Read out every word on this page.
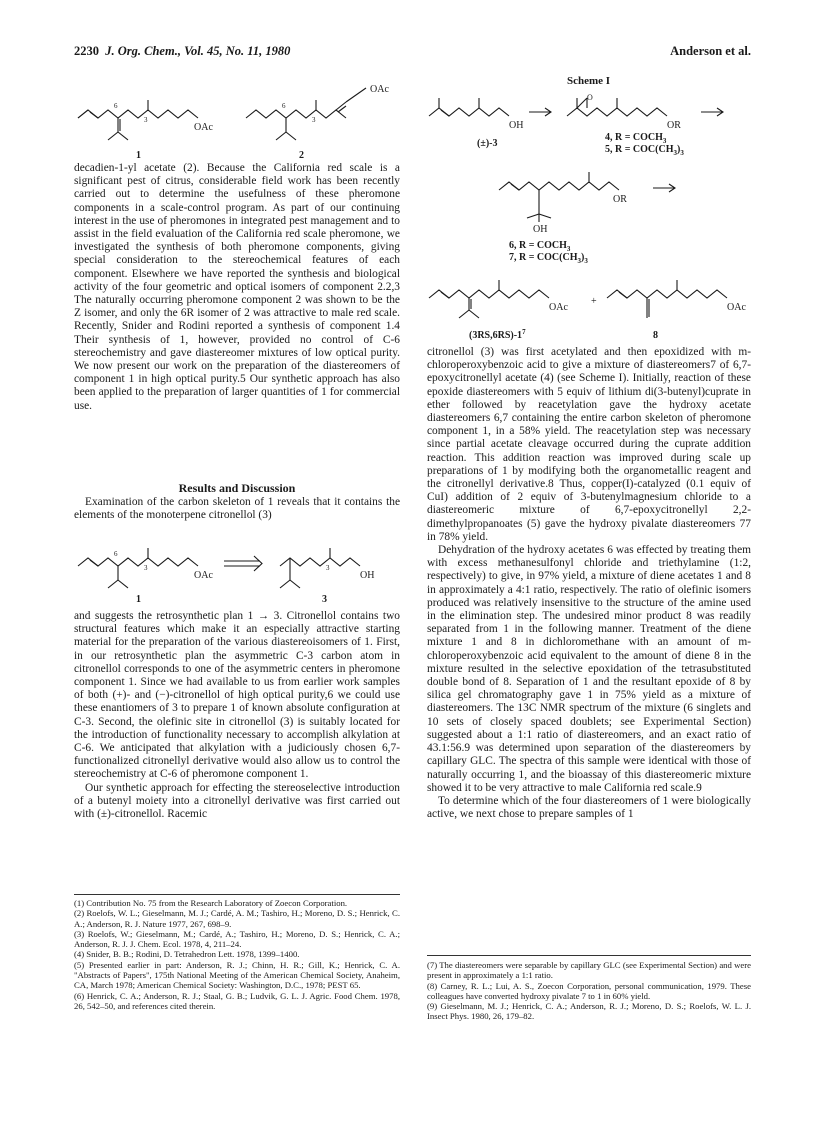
2230 J. Org. Chem., Vol. 45, No. 11, 1980	Anderson et al.
6
3
OAc
1
6
3
OAc
2

decadien-1-yl acetate (2). Because the California red scale is a significant pest of citrus, considerable field work has been recently carried out to determine the usefulness of these pheromone components in a scale-control program. As part of our continuing interest in the use of pheromones in integrated pest management and to assist in the field evaluation of the California red scale pheromone, we investigated the synthesis of both pheromone components, giving special consideration to the stereochemical features of each component. Elsewhere we have reported the synthesis and biological activity of the four geometric and optical isomers of component 2.2,3 The naturally occurring pheromone component 2 was shown to be the Z isomer, and only the 6R isomer of 2 was attractive to male red scale. Recently, Snider and Rodini reported a synthesis of component 1.4 Their synthesis of 1, however, provided no control of C-6 stereochemistry and gave diastereomer mixtures of low optical purity. We now present our work on the preparation of the diastereomers of component 1 in high optical purity.5 Our synthetic approach has also been applied to the preparation of larger quantities of 1 for commercial use.

Results and Discussion

Examination of the carbon skeleton of 1 reveals that it contains the elements of the monoterpene citronellol (3)

6
3
OAc
3
OH
1	3

and suggests the retrosynthetic plan 1 → 3. Citronellol contains two structural features which make it an especially attractive starting material for the preparation of the various diastereoisomers of 1. First, in our retrosynthetic plan the asymmetric C-3 carbon atom in citronellol corresponds to one of the asymmetric centers in pheromone component 1. Since we had available to us from earlier work samples of both (+)- and (−)-citronellol of high optical purity,6 we could use these enantiomers of 3 to prepare 1 of known absolute configuration at C-3. Second, the olefinic site in citronellol (3) is suitably located for the introduction of functionality necessary to accomplish alkylation at C-6. We anticipated that alkylation with a judiciously chosen 6,7-functionalized citronellyl derivative would also allow us to control the stereochemistry at C-6 of pheromone component 1.

Our synthetic approach for effecting the stereoselective introduction of a butenyl moiety into a citronellyl derivative was first carried out with (±)-citronellol. Racemic

(1) Contribution No. 75 from the Research Laboratory of Zoecon Corporation.

(2) Roelofs, W. L.; Gieselmann, M. J.; Cardé, A. M.; Tashiro, H.; Moreno, D. S.; Henrick, C. A.; Anderson, R. J. Nature 1977, 267, 698–9.

(3) Roelofs, W.; Gieselmann, M.; Cardé, A.; Tashiro, H.; Moreno, D. S.; Henrick, C. A.; Anderson, R. J. J. Chem. Ecol. 1978, 4, 211–24.

(4) Snider, B. B.; Rodini, D. Tetrahedron Lett. 1978, 1399–1400.

(5) Presented earlier in part: Anderson, R. J.; Chinn, H. R.; Gill, K.; Henrick, C. A. "Abstracts of Papers", 175th National Meeting of the American Chemical Society, Anaheim, CA, March 1978; American Chemical Society: Washington, D.C., 1978; PEST 65.

(6) Henrick, C. A.; Anderson, R. J.; Staal, G. B.; Ludvik, G. L. J. Agric. Food Chem. 1978, 26, 542–50, and references cited therein.

Scheme I
OH
(±)-3
O
OR
4, $R = COCH_3$
5, $R = COC(CH_3)_3$
OR
OH
6, $R = COCH_3$
7, $R = COC(CH_3)_3$
OAc
+
OAc
$(3RS,6RS)-1^7$	8

citronellol (3) was first acetylated and then epoxidized with m-chloroperoxybenzoic acid to give a mixture of diastereomers7 of 6,7-epoxycitronellyl acetate (4) (see Scheme I). Initially, reaction of these epoxide diastereomers with 5 equiv of lithium di(3-butenyl)cuprate in ether followed by reacetylation gave the hydroxy acetate diastereomers 6,7 containing the entire carbon skeleton of pheromone component 1, in a 58% yield. The reacetylation step was necessary since partial acetate cleavage occurred during the cuprate addition reaction. This addition reaction was improved during scale up preparations of 1 by modifying both the organometallic reagent and the citronellyl derivative.8 Thus, copper(I)-catalyzed (0.1 equiv of CuI) addition of 2 equiv of 3-butenylmagnesium chloride to a diastereomeric mixture of 6,7-epoxycitronellyl 2,2-dimethylpropanoates (5) gave the hydroxy pivalate diastereomers 77 in 78% yield.

Dehydration of the hydroxy acetates 6 was effected by treating them with excess methanesulfonyl chloride and triethylamine (1:2, respectively) to give, in 97% yield, a mixture of diene acetates 1 and 8 in approximately a 4:1 ratio, respectively. The ratio of olefinic isomers produced was relatively insensitive to the structure of the amine used in the elimination step. The undesired minor product 8 was readily separated from 1 in the following manner. Treatment of the diene mixture 1 and 8 in dichloromethane with an amount of m-chloroperoxybenzoic acid equivalent to the amount of diene 8 in the mixture resulted in the selective epoxidation of the tetrasubstituted double bond of 8. Separation of 1 and the resultant epoxide of 8 by silica gel chromatography gave 1 in 75% yield as a mixture of diastereomers. The 13C NMR spectrum of the mixture (6 singlets and 10 sets of closely spaced doublets; see Experimental Section) suggested about a 1:1 ratio of diastereomers, and an exact ratio of 43.1:56.9 was determined upon separation of the diastereomers by capillary GLC. The spectra of this sample were identical with those of naturally occurring 1, and the bioassay of this diastereomeric mixture showed it to be very attractive to male California red scale.9

To determine which of the four diastereomers of 1 were biologically active, we next chose to prepare samples of 1

(7) The diastereomers were separable by capillary GLC (see Experimental Section) and were present in approximately a 1:1 ratio.

(8) Carney, R. L.; Lui, A. S., Zoecon Corporation, personal communication, 1979. These colleagues have converted hydroxy pivalate 7 to 1 in 60% yield.

(9) Gieselmann, M. J.; Henrick, C. A.; Anderson, R. J.; Moreno, D. S.; Roelofs, W. L. J. Insect Phys. 1980, 26, 179–82.
